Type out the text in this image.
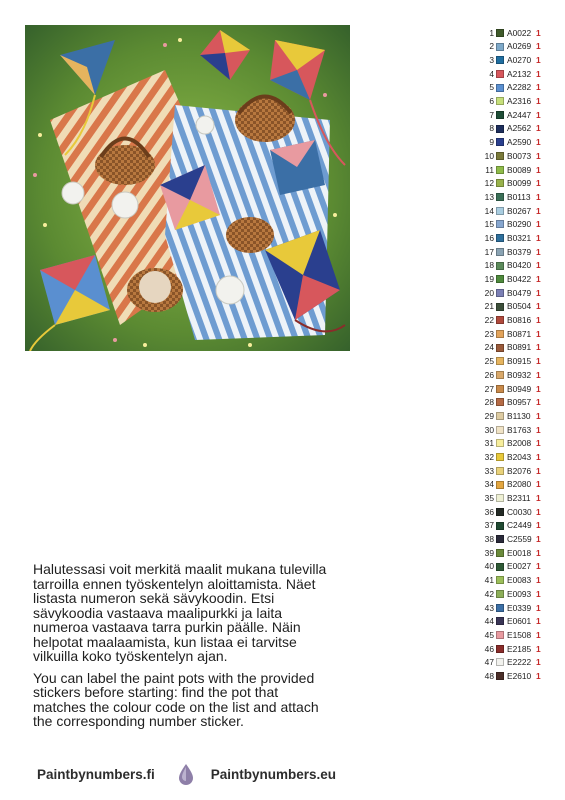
1 A0022 1
2 A0269 1
3 A0270 1
4 A2132 1
5 A2282 1
6 A2316 1
7 A2447 1
8 A2562 1
9 A2590 1
10 B0073 1
11 B0089 1
12 B0099 1
13 B0113 1
14 B0267 1
15 B0290 1
16 B0321 1
17 B0379 1
18 B0420 1
19 B0422 1
20 B0479 1
21 B0504 1
22 B0816 1
23 B0871 1
24 B0891 1
25 B0915 1
26 B0932 1
27 B0949 1
28 B0957 1
29 B1130 1
30 B1763 1
31 B2008 1
32 B2043 1
33 B2076 1
34 B2080 1
35 B2311 1
36 C0030 1
37 C2449 1
38 C2559 1
39 E0018 1
40 E0027 1
41 E0083 1
42 E0093 1
43 E0339 1
44 E0601 1
45 E1508 1
46 E2185 1
47 E2222 1
48 E2610 1

Halutessasi voit merkitä maalit mukana tulevilla tarroilla ennen työskentelyn aloittamista. Näet listasta numeron sekä sävykoodin. Etsi sävykoodia vastaava maalipurkki ja laita numeroa vastaava tarra purkin päälle. Näin helpotat maalaamista, kun listaa ei tarvitse vilkuilla koko työskentelyn ajan.

You can label the paint pots with the provided stickers before starting: find the pot that matches the colour code on the list and attach the corresponding number sticker.

Paintbynumbers.fi	Paintbynumbers.eu
